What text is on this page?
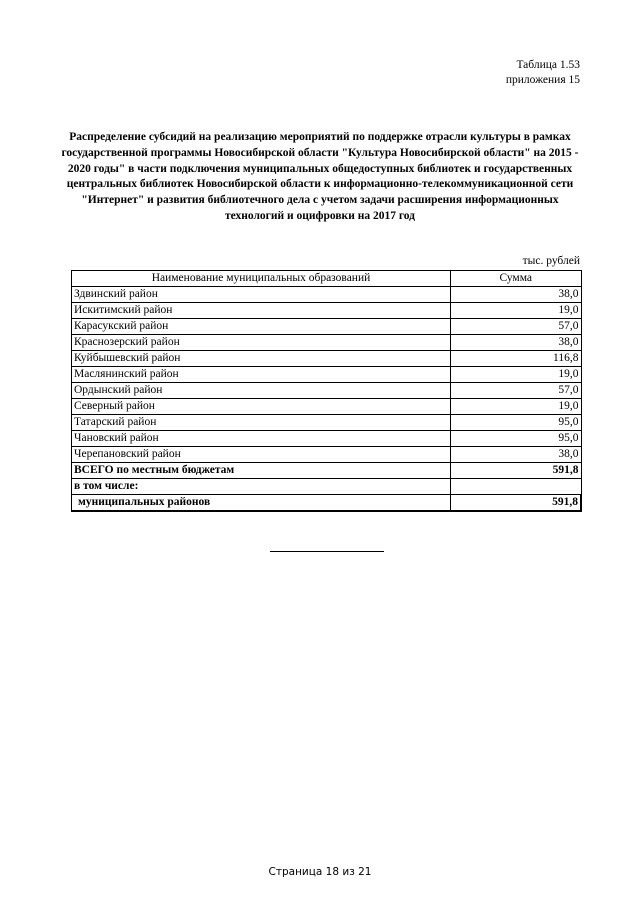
Таблица 1.53
приложения 15
Распределение субсидий на реализацию мероприятий по поддержке отрасли культуры в рамках государственной программы Новосибирской области "Культура Новосибирской области" на 2015 - 2020 годы" в части подключения муниципальных общедоступных библиотек и государственных центральных библиотек Новосибирской области к информационно-телекоммуникационной сети "Интернет" и развития библиотечного дела с учетом задачи расширения информационных технологий и оцифровки на 2017 год
тыс. рублей
Наименование муниципальных образований	Сумма
Здвинский район	38,0
Искитимский район	19,0
Карасукский район	57,0
Краснозерский район	38,0
Куйбышевский район	116,8
Маслянинский район	19,0
Ордынский район	57,0
Северный район	19,0
Татарский район	95,0
Чановский район	95,0
Черепановский район	38,0
ВСЕГО по местным бюджетам	591,8
в том числе:	
муниципальных районов	591,8
Страница 18 из 21
